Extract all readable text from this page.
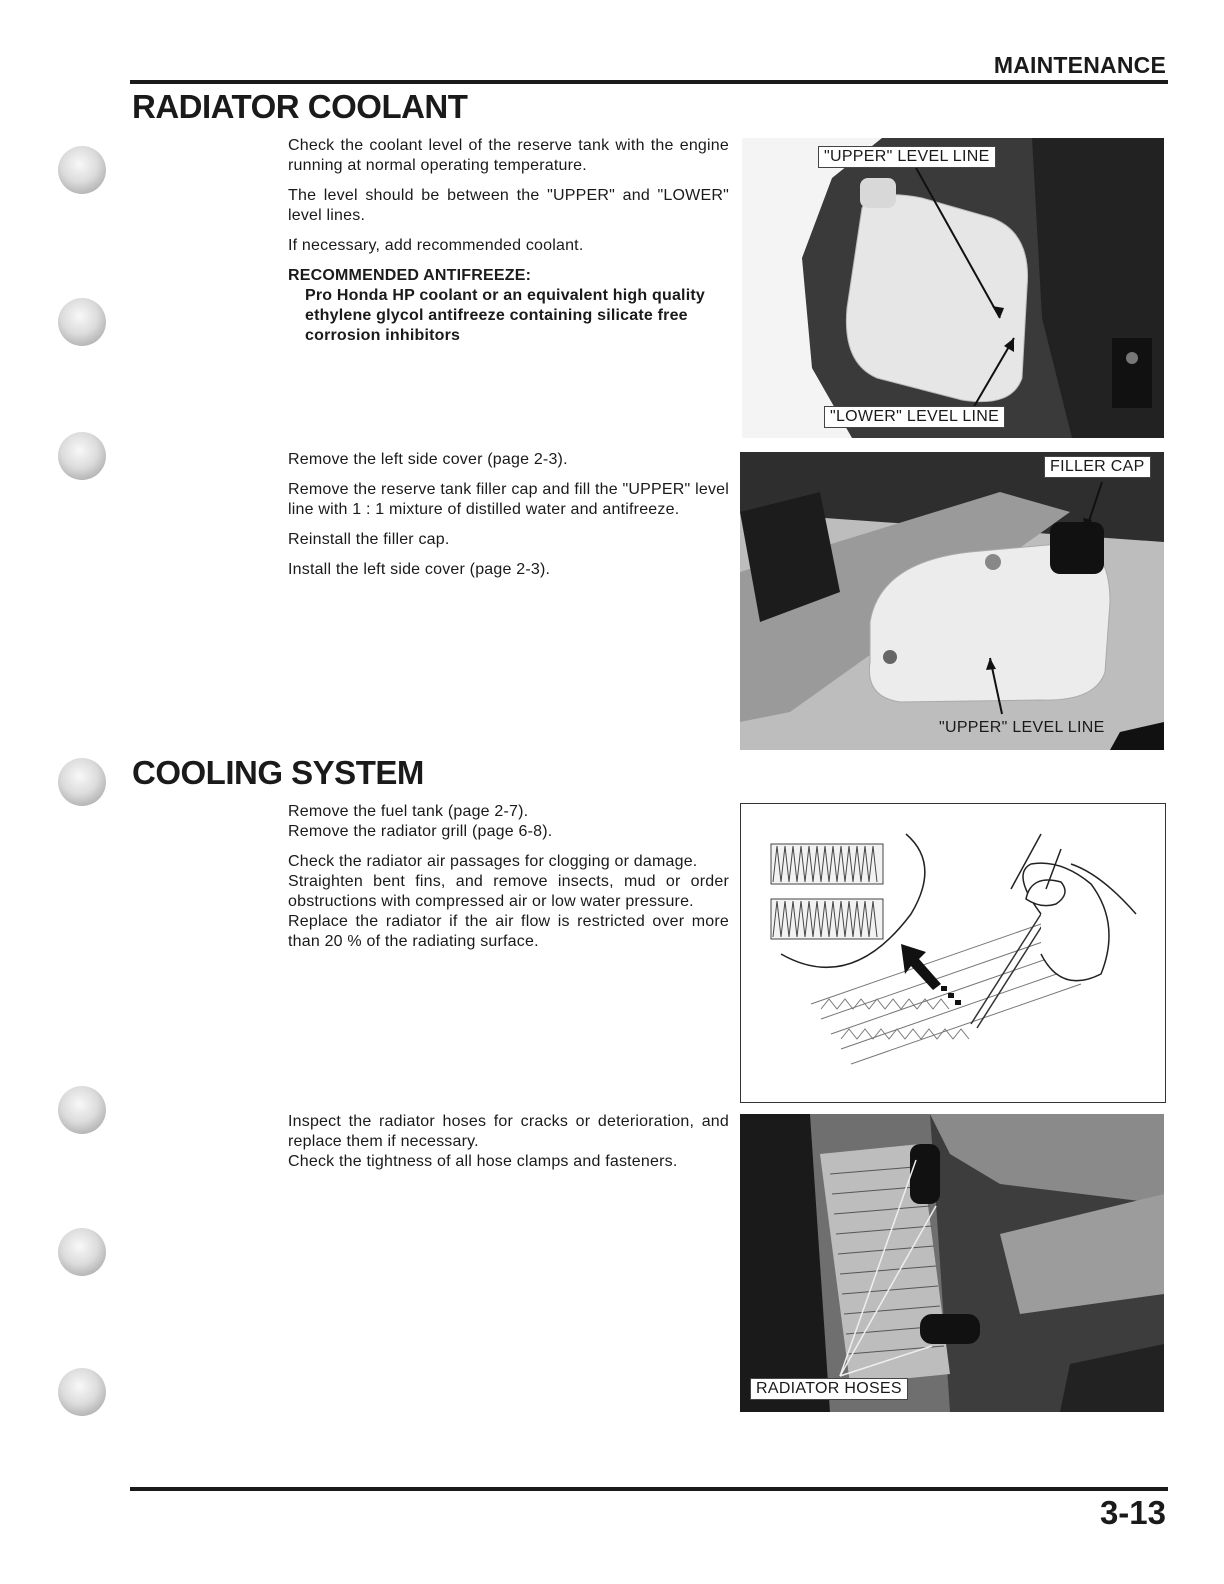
MAINTENANCE
RADIATOR COOLANT

Check the coolant level of the reserve tank with the engine running at normal operating temperature.

The level should be between the "UPPER" and "LOWER" level lines.

If necessary, add recommended coolant.

RECOMMENDED ANTIFREEZE:

Pro Honda HP coolant or an equivalent high quality ethylene glycol antifreeze containing silicate free corrosion inhibitors

Remove the left side cover (page 2-3).

Remove the reserve tank filler cap and fill the "UPPER" level line with 1 : 1 mixture of distilled water and antifreeze.

Reinstall the filler cap.

Install the left side cover (page 2-3).

"UPPER" LEVEL LINE
"LOWER" LEVEL LINE
FILLER CAP
"UPPER" LEVEL LINE
COOLING SYSTEM

Remove the fuel tank (page 2-7).

Remove the radiator grill (page 6-8).

Check the radiator air passages for clogging or damage.

Straighten bent fins, and remove insects, mud or order obstructions with compressed air or low water pressure.

Replace the radiator if the air flow is restricted over more than 20 % of the radiating surface.

Inspect the radiator hoses for cracks or deterioration, and replace them if necessary.

Check the tightness of all hose clamps and fasteners.

RADIATOR HOSES
3-13
